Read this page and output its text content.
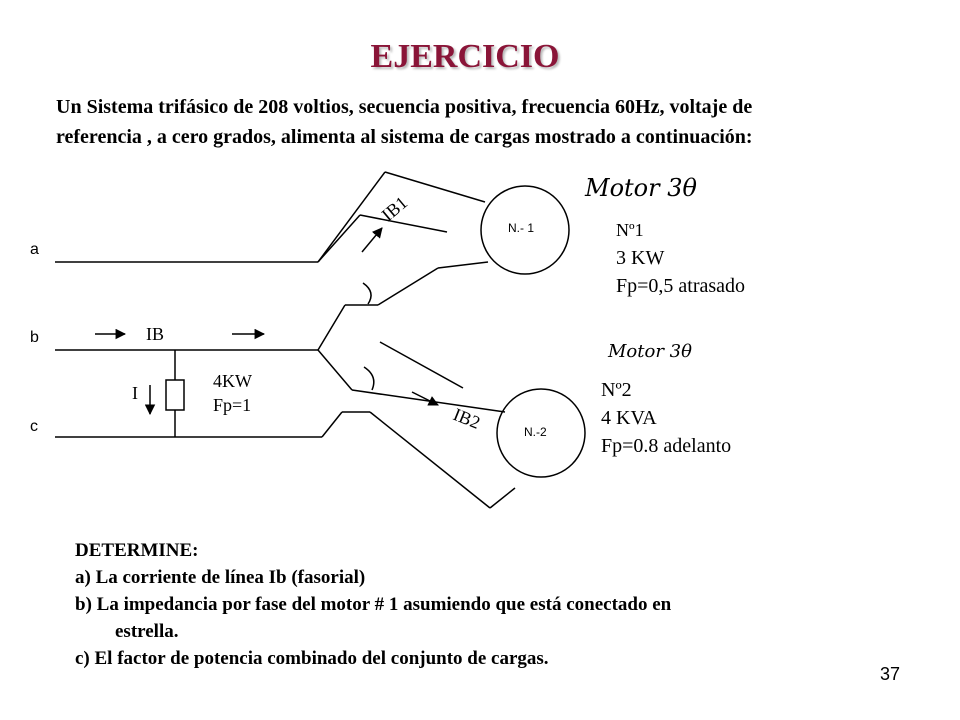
EJERCICIO

Un Sistema trifásico de 208 voltios, secuencia positiva, frecuencia 60Hz, voltaje de

referencia , a cero grados, alimenta al sistema de cargas mostrado a continuación:

a
b
c
N.- 1
N.-2
IB
I
4KW
Fp=1
IB1
IB2
Motor 3θ
Nº1
3 KW
Fp=0,5 atrasado
Motor 3θ
Nº2
4 KVA
Fp=0.8 adelanto
DETERMINE:
a) La corriente de línea Ib (fasorial)
b) La impedancia por fase del motor # 1 asumiendo que está conectado en
estrella.
c) El factor de potencia combinado del conjunto de cargas.
37
